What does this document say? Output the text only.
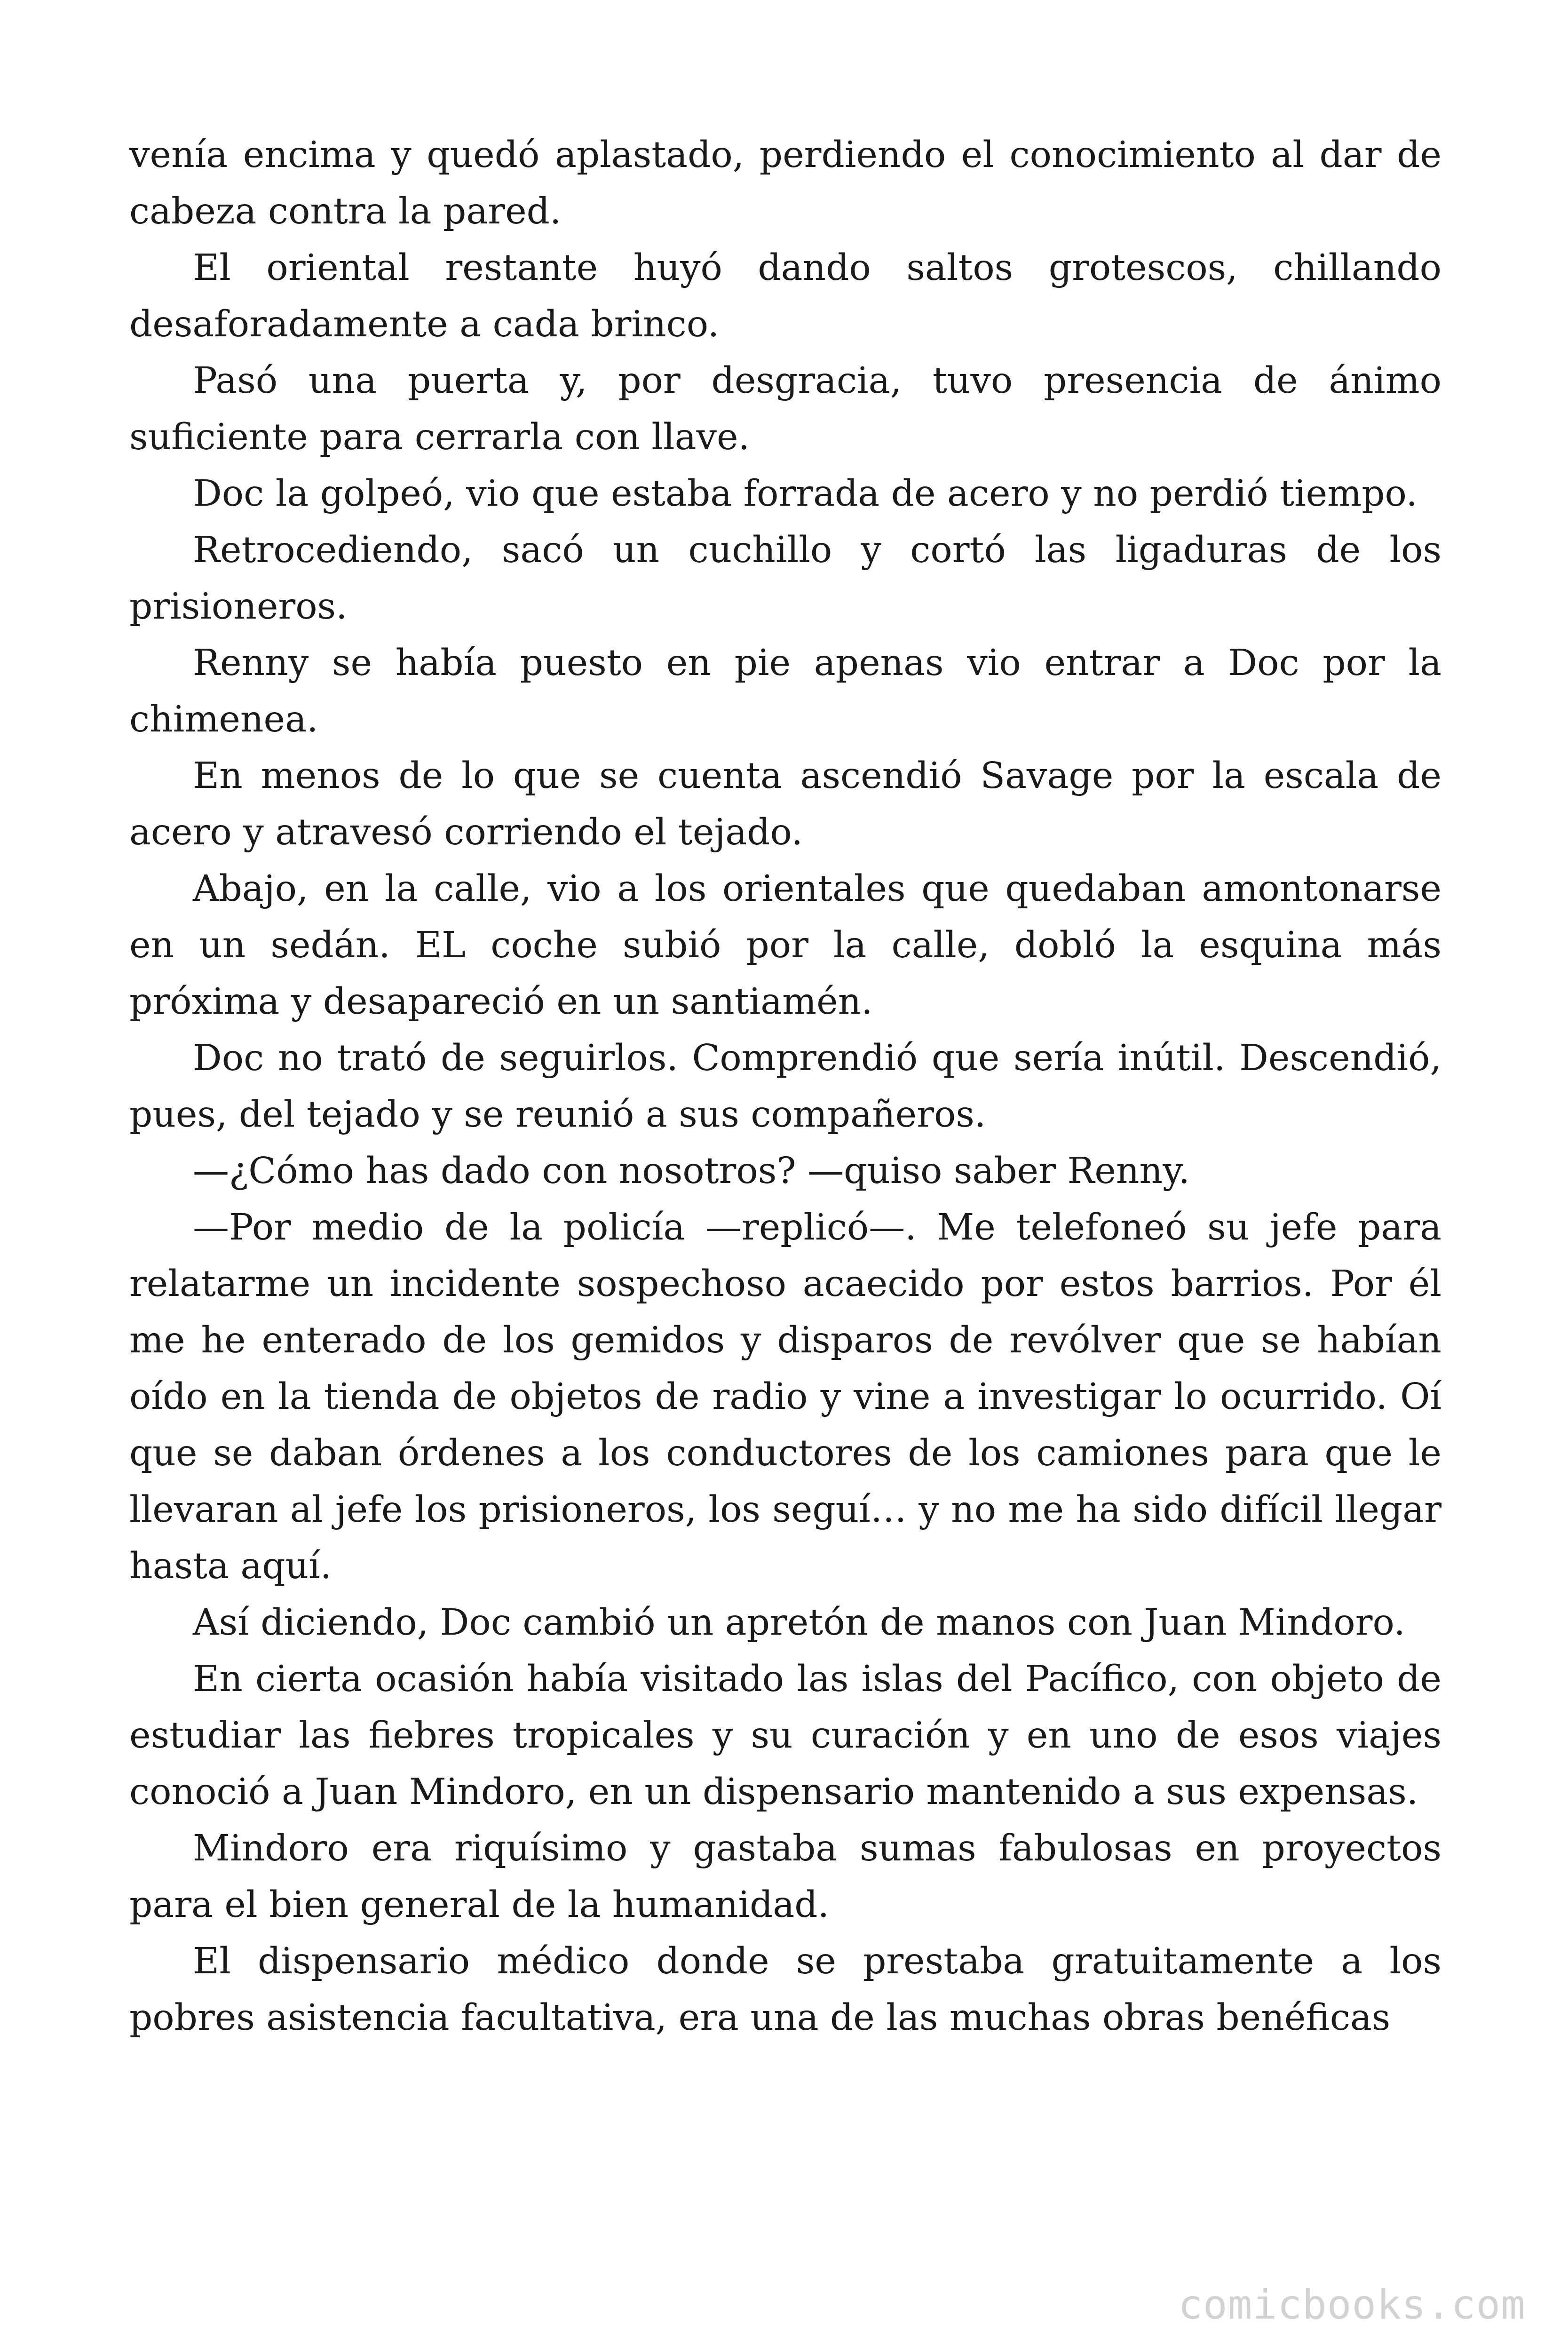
venía encima y quedó aplastado, perdiendo el conocimiento al dar de cabeza contra la pared.

El oriental restante huyó dando saltos grotescos, chillando desaforadamente a cada brinco.

Pasó una puerta y, por desgracia, tuvo presencia de ánimo suficiente para cerrarla con llave.

Doc la golpeó, vio que estaba forrada de acero y no perdió tiempo.

Retrocediendo, sacó un cuchillo y cortó las ligaduras de los prisioneros.

Renny se había puesto en pie apenas vio entrar a Doc por la chimenea.

En menos de lo que se cuenta ascendió Savage por la escala de acero y atravesó corriendo el tejado.

Abajo, en la calle, vio a los orientales que quedaban amontonarse en un sedán. EL coche subió por la calle, dobló la esquina más próxima y desapareció en un santiamén.

Doc no trató de seguirlos. Comprendió que sería inútil. Descendió, pues, del tejado y se reunió a sus compañeros.

—¿Cómo has dado con nosotros? —quiso saber Renny.

—Por medio de la policía —replicó—. Me telefoneó su jefe para relatarme un incidente sospechoso acaecido por estos barrios. Por él me he enterado de los gemidos y disparos de revólver que se habían oído en la tienda de objetos de radio y vine a investigar lo ocurrido. Oí que se daban órdenes a los conductores de los camiones para que le llevaran al jefe los prisioneros, los seguí… y no me ha sido difícil llegar hasta aquí.

Así diciendo, Doc cambió un apretón de manos con Juan Mindoro.

En cierta ocasión había visitado las islas del Pacífico, con objeto de estudiar las fiebres tropicales y su curación y en uno de esos viajes conoció a Juan Mindoro, en un dispensario mantenido a sus expensas.

Mindoro era riquísimo y gastaba sumas fabulosas en proyectos para el bien general de la humanidad.

El dispensario médico donde se prestaba gratuitamente a los pobres asistencia facultativa, era una de las muchas obras benéficas

comicbooks.com
